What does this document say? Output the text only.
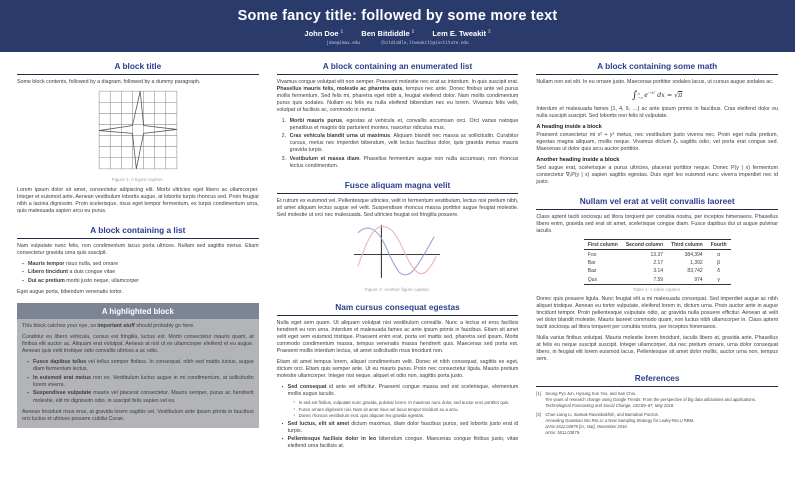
Some fancy title: followed by some more text
John Doe $^1$ Ben Bitdiddle $^2$ Lem E. Tweakit $^2$
jdoe@imax.edu	{bitdiddle,ltweakit}@institute.edu
A block title

Some block contents, followed by a diagram, followed by a dummy paragraph.

Figure 1: A figure caption.

Lorem ipsum dolor sit amet, consectetur adipiscing elit. Morbi ultricies eget libero ac ullamcorper. Integer et euismod ante. Aenean vestibulum lobortis augue, at lobortis turpis rhoncus sed. Proin feugiat nibh a lacinia dignissim. Proin scelerisque, risus eget tempor fermentum, ex turpis condimentum urna, quis malesuada sapien arcu eu purus.

A block containing a list

Nam vulputate nunc felis, non condimentum lacus porta ultrices. Nullam sed sagittis metus. Etiam consectetur gravida urna quis suscipit.

▪ Mauris tempor risus nulla, sed ornare
▪ Libero tincidunt a duis congue vitae
▪ Dui ac pretium morbi justo neque, ullamcorper

Eget augue porta, bibendum venenatis tortor.

A highlighted block

This block catches your eye, so important stuff should probably go here.

Curabitur eu libero vehicula, cursus est fringilla, luctus est. Morbi consectetur mauris quam, at finibus elit auctor ac. Aliquam erat volutpat. Aenean at nisl ut ex ullamcorper eleifend et eu augue. Aenean quis velit tristique odio convallis ultrices a ac odio.

▪ Fusce dapibus tellus vel tellus semper finibus. In consequat, nibh sed mattis luctus, augue diam fermentum lectus.
▪ In euismod erat metus non ex. Vestibulum luctus augue in mi condimentum, at sollicitudin lorem viverra.
▪ Suspendisse vulputate mauris vel placerat consectetur. Mauris semper, purus ac hendrerit molestie, elit mi dignissim odio, in suscipit felis sapien vel ex.

Aenean tincidunt risus eros, at gravida lorem sagittis vel. Vestibulum ante ipsum primis in faucibus orci luctus et ultrices posuere cubilia Curae.

A block containing an enumerated list

Vivamus congue volutpat elit non semper. Praesent molestie nec erat ac interdum. In quis suscipit erat. Phasellus mauris felis, molestie ac pharetra quis, tempus nec ante. Donec finibus ante vel purus mollis fermentum. Sed felis mi, pharetra eget nibh a, feugiat eleifend dolor. Nam mollis condimentum purus quis sodales. Nullam eu felis eu nulla eleifend bibendum nec eu lorem. Vivamus felis velit, volutpat ut facilisis ac, commodo in metus.

1. Morbi mauris purus, egestas at vehicula et, convallis accumsan orci. Orci varius natoque penatibus et magnis dis parturient montes, nascetur ridiculus mus.
2. Cras vehicula blandit urna ut maximus. Aliquam blandit nec massa ac sollicitudin. Curabitur cursus, metus nec imperdiet bibendum, velit lectus faucibus dolor, quis gravida metus mauris gravida turpis.
3. Vestibulum et massa diam. Phasellus fermentum augue non nulla accumsan, non rhoncus lectus condimentum.
Fusce aliquam magna velit

Et rutrum ex euismod vel. Pellentesque ultricies, velit in fermentum vestibulum, lectus nisi pretium nibh, sit amet aliquam lectus augue vel velit. Suspendisse rhoncus massa porttitor augue feugiat molestie. Sed molestie ut orci nec malesuada. Sed ultricies feugiat est fringilla posuere.

Figure 2: Another figure caption.
Nam cursus consequat egestas

Nulla eget sem quam. Ut aliquam volutpat nisi vestibulum convallis. Nunc a lectus et eros facilisis hendrerit eu non urna. Interdum et malesuada fames ac ante ipsum primis in faucibus. Etiam sit amet velit eget sem euismod tristique. Praesent enim erat, porta vel mattis sed, pharetra sed ipsum. Morbi commodo condimentum massa, tempus venenatis massa hendrerit quis. Maecenas sed porta est. Praesent mollis interdum lectus, sit amet sollicitudin risus tincidunt non.

Etiam sit amet tempus lorem, aliquet condimentum velit. Donec et nibh consequat, sagittis ex eget, dictum orci. Etiam quis semper ante. Ut eu mauris purus. Proin nec consectetur ligula. Mauris pretium molestie ullamcorper. Integer nisi neque, aliquet et odio non, sagittis porta justo.

▪ Sed consequat id ante vel efficitur. Praesent congue massa sed est scelerisque, elementum mollis augue iaculis.
▪ In sed est finibus, vulputate nunc gravida, pulvinar lorem. In maximus nunc dolor, sed auctor eros porttitor quis.
▪ Fusce ornare dignissim nisi. Nam sit amet risus vel lacus tempor tincidunt eu a arcu.
▪ Donec rhoncus vestibulum erat, quis aliquam leo gravida egestas.
▪ Sed luctus, elit sit amet dictum maximus, diam dolor faucibus purus, sed lobortis justo erat id turpis.
▪ Pellentesque facilisis dolor in leo bibendum congue. Maecenas congue finibus justo, vitae eleifend urna facilisis at.
A block containing some math

Nullam non est elit. In eu ornare justo. Maecenas porttitor sodales lacus, ut cursus augue sodales ac.

∫ ∞
−∞ $e^{-x^2}$ dx = √π

Interdum et malesuada fames {1, 4, 9, …} ac ante ipsum primis in faucibus. Cras eleifend dolor eu nulla suscipit suscipit. Sed lobortis non felis id vulputate.

A heading inside a block

Praesent consectetur mi x² + y² metus, nec vestibulum justo viverra nec. Proin eget nulla pretium, egestas magna aliquam, mollis neque. Vivamus dictum ξₙ sagittis odio, vel porta erat congue sed. Maecenas ut dolor quis arcu auctor porttitor.

Another heading inside a block

Sed augue erat, scelerisque a purus ultricies, placerat porttitor neque. Donec P(y | x) fermentum consectetur ∇ₓP(y | x) sapien sagittis egestas. Duis eget leo euismod nunc viverra imperdiet nec id justo.

Nullam vel erat at velit convallis laoreet

Class aptent taciti sociosqu ad litora torquent per conubia nostra, per inceptos himenaeos. Phasellus libero enim, gravida sed erat sit amet, scelerisque congue diam. Fusce dapibus dui ut augue pulvinar iaculis.

First column	Second column	Third column	Fourth
Foo	13.37	384,394	α
Bar	2.17	1,392	β
Baz	3.14	83,742	δ
Qux	7.59	974	γ
Table 1: A table caption.

Donec quis posuere ligula. Nunc feugiat elit a mi malesuada consequat. Sed imperdiet augue ac nibh aliquet tristique. Aenean eu tortor vulputate, eleifend lorem in, dictum urna. Proin auctor ante in augue tincidunt tempor. Proin pellentesque vulputate odio, ac gravida nulla posuere efficitur. Aenean at velit vel dolor blandit molestie. Mauris laoreet commodo quam, non luctus nibh ullamcorper in. Class aptent taciti sociosqu ad litora torquent per conubia nostra, per inceptos himenaeos.

Nulla varius finibus volutpat. Mauris molestie lorem tincidunt, iaculis libero at, gravida ante. Phasellus at felis eu neque suscipit suscipit. Integer ullamcorper, dui nec pretium ornare, urna dolor consequat libero, in feugiat elit lorem euismod lacus. Pellentesque sit amet dolor mollis, auctor urna non, tempus sem.

References
[1]	Seung Pyo Jun, Hyoung Sun Yoo, and San Choi.
Ten years of research change using Google Trends: From the perspective of big data utilizations and applications.
Technological Forecasting and Social Change, 130:69–87, May 2018.
[2]	Chun-Liang Li, Siamak Ravanbakhsh, and Barnabas Poczos.
Annealing Gaussian into ReLU: a New Sampling Strategy for Leaky-ReLU RBM.
arXiv:1611.03879 [cs, stat], November 2016.
arXiv: 1611.03879.
